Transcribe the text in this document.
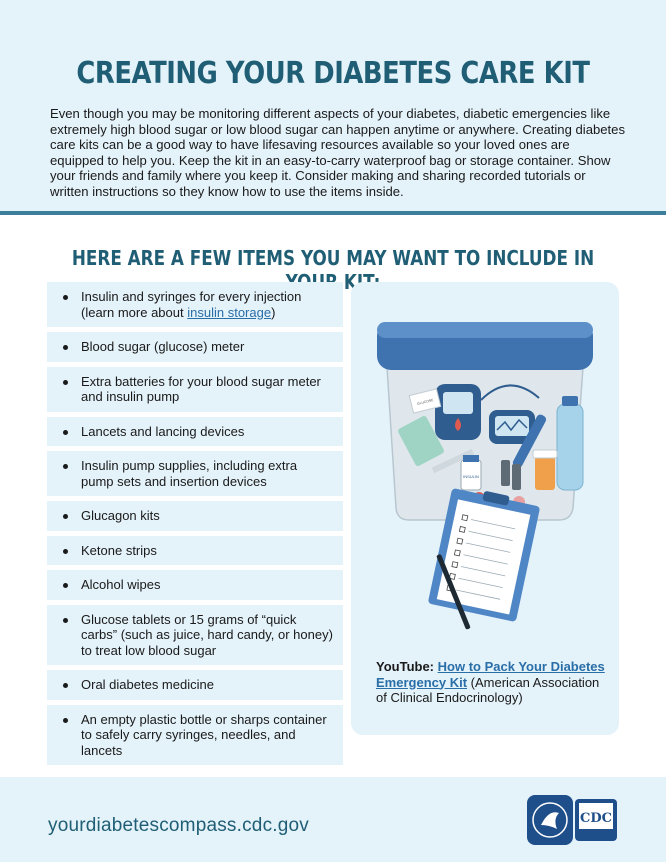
CREATING YOUR DIABETES CARE KIT

Even though you may be monitoring different aspects of your diabetes, diabetic emergencies like extremely high blood sugar or low blood sugar can happen anytime or anywhere. Creating diabetes care kits can be a good way to have lifesaving resources available so your loved ones are equipped to help you. Keep the kit in an easy-to-carry waterproof bag or storage container. Show your friends and family where you keep it. Consider making and sharing recorded tutorials or written instructions so they know how to use the items inside.

HERE ARE A FEW ITEMS YOU MAY WANT TO INCLUDE IN
Insulin and syringes for every injection (learn more about insulin storage)
Blood sugar (glucose) meter
Extra batteries for your blood sugar meter and insulin pump
Lancets and lancing devices
Insulin pump supplies, including extra pump sets and insertion devices
Glucagon kits
Ketone strips
Alcohol wipes
Glucose tablets or 15 grams of “quick carbs” (such as juice, hard candy, or honey) to treat low blood sugar
Oral diabetes medicine
An empty plastic bottle or sharps container to safely carry syringes, needles, and lancets
INSULIN
GLUCOSE
YouTube: How to Pack Your Diabetes Emergency Kit (American Association of Clinical Endocrinology)
yourdiabetescompass.cdc.gov	CDC
